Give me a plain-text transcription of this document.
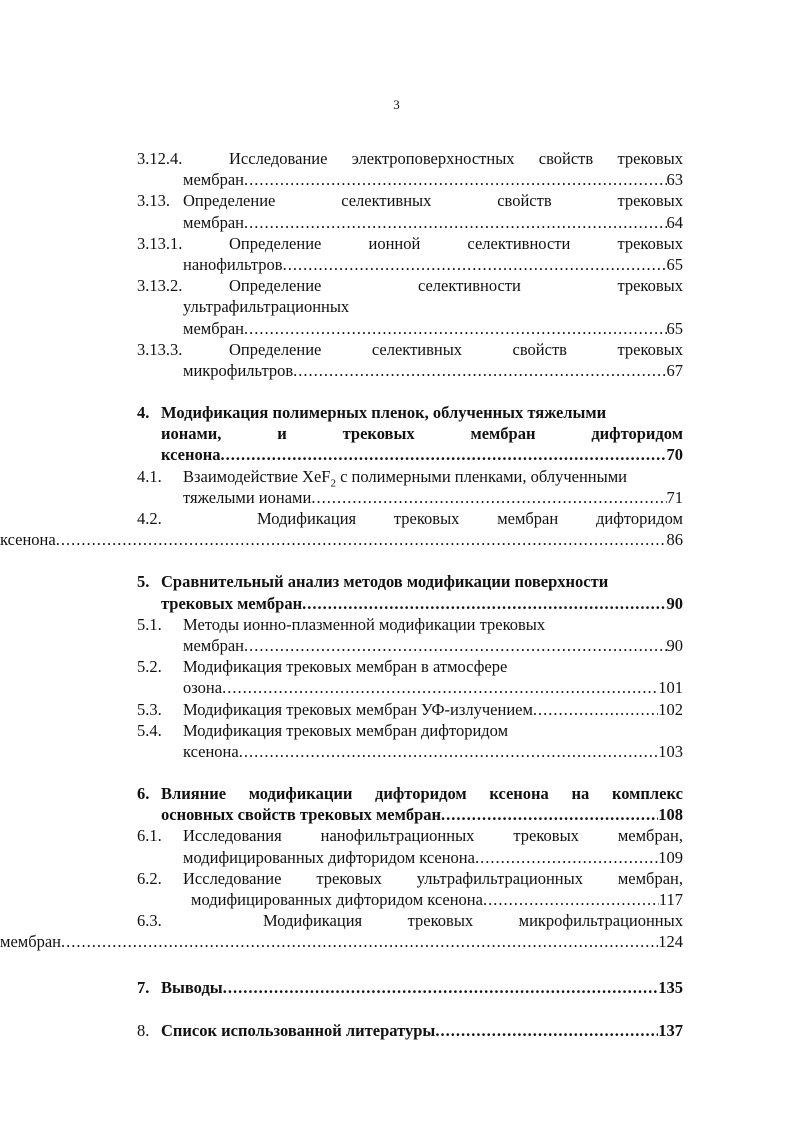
3
3.12.4.	Исследование электроповерхностных свойств трековых
мембран .....	63
3.13. Определение	селективных	свойств	трековых
мембран .....	64
3.13.1.	Определение	ионной	селективности	трековых
нанофильтров .....	65
3.13.2.	Определение	селективности	трековых
ультрафильтрационных
мембран .....	65
3.13.3.	Определение	селективных	свойств	трековых
микрофильтров .....	67
4. Модификация полимерных пленок, облученных тяжелыми
ионами,	и	трековых	мембран	дифторидом
ксенона .....	70
4.1.	Взаимодействие XeF$_2$ с полимерными пленками, облученными
тяжелыми ионами .....	71
4.2.	Модификация трековых мембран дифторидом
ксенона .....	86
5. Сравнительный анализ методов модификации поверхности
трековых мембран .....	90
5.1.	Методы ионно-плазменной модификации трековых
мембран .....	90
5.2.	Модификация трековых мембран в атмосфере
озона .....	101
5.3.	Модификация трековых мембран УФ-излучением .....	102
5.4.	Модификация трековых мембран дифторидом
ксенона .....	103
6. Влияние модификации дифторидом ксенона на комплекс
основных свойств трековых мембран .....	108
6.1.	Исследования нанофильтрационных трековых мембран,
модифицированных дифторидом ксенона .....	109
6.2.	Исследование трековых ультрафильтрационных мембран,
модифицированных дифторидом ксенона .....	117
6.3.	Модификация	трековых	микрофильтрационных
мембран .....	124
7. Выводы .....	135
8. Список использованной литературы .....	137
